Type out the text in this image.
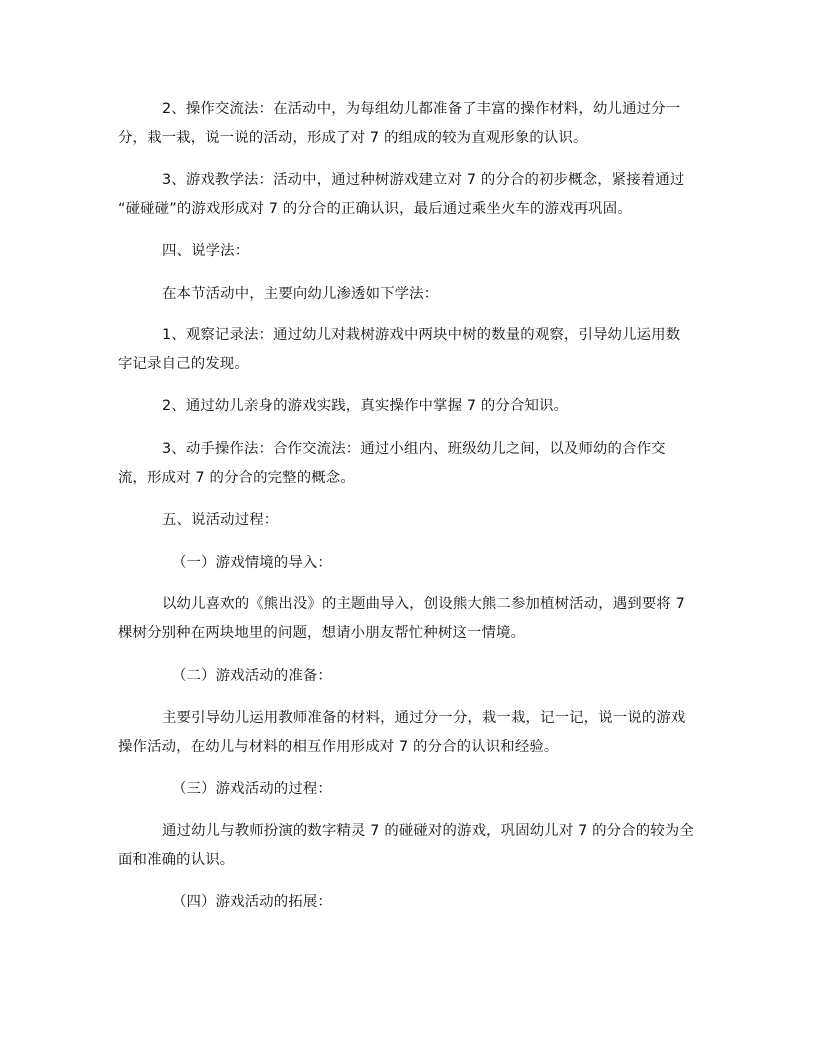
2、操作交流法：在活动中，为每组幼儿都准备了丰富的操作材料，幼儿通过分一
分，栽一栽，说一说的活动，形成了对 7 的组成的较为直观形象的认识。

3、游戏教学法：活动中，通过种树游戏建立对 7 的分合的初步概念，紧接着通过
“碰碰碰”的游戏形成对 7 的分合的正确认识，最后通过乘坐火车的游戏再巩固。

四、说学法：

在本节活动中，主要向幼儿渗透如下学法：

1、观察记录法：通过幼儿对栽树游戏中两块中树的数量的观察，引导幼儿运用数
字记录自己的发现。

2、通过幼儿亲身的游戏实践，真实操作中掌握 7 的分合知识。

3、动手操作法：合作交流法：通过小组内、班级幼儿之间，以及师幼的合作交
流，形成对 7 的分合的完整的概念。

五、说活动过程：

（一）游戏情境的导入：

以幼儿喜欢的《熊出没》的主题曲导入，创设熊大熊二参加植树活动，遇到要将 7
棵树分别种在两块地里的问题，想请小朋友帮忙种树这一情境。

（二）游戏活动的准备：

主要引导幼儿运用教师准备的材料，通过分一分，栽一栽，记一记，说一说的游戏
操作活动，在幼儿与材料的相互作用形成对 7 的分合的认识和经验。

（三）游戏活动的过程：

通过幼儿与教师扮演的数字精灵 7 的碰碰对的游戏，巩固幼儿对 7 的分合的较为全
面和准确的认识。

（四）游戏活动的拓展：
